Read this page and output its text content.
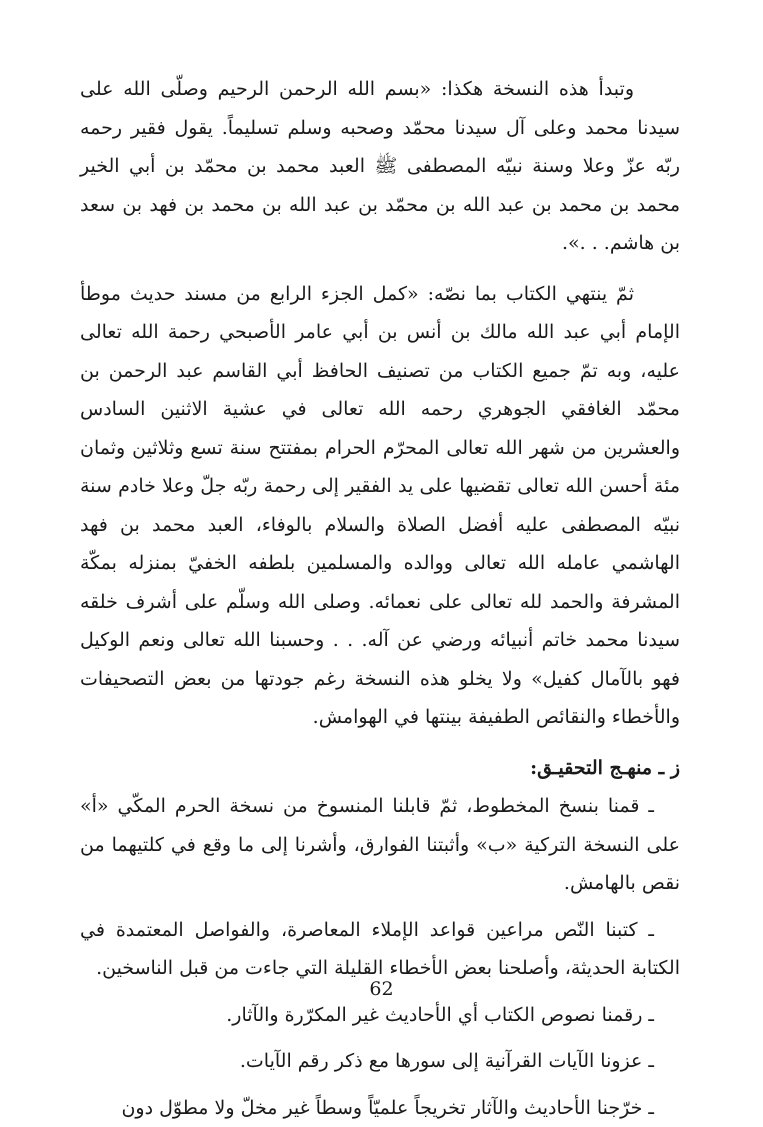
وتبدأ هذه النسخة هكذا: «بسم الله الرحمن الرحيم وصلّى الله على سيدنا محمد وعلى آل سيدنا محمّد وصحبه وسلم تسليماً. يقول فقير رحمه ربّه عزّ وعلا وسنة نبيّه المصطفى ﷺ العبد محمد بن محمّد بن أبي الخير محمد بن محمد بن عبد الله بن محمّد بن عبد الله بن محمد بن فهد بن سعد بن هاشم. . .».

ثمّ ينتهي الكتاب بما نصّه: «كمل الجزء الرابع من مسند حديث موطأ الإمام أبي عبد الله مالك بن أنس بن أبي عامر الأصبحي رحمة الله تعالى عليه، وبه تمّ جميع الكتاب من تصنيف الحافظ أبي القاسم عبد الرحمن بن محمّد الغافقي الجوهري رحمه الله تعالى في عشية الاثنين السادس والعشرين من شهر الله تعالى المحرّم الحرام بمفتتح سنة تسع وثلاثين وثمان مئة أحسن الله تعالى تقضيها على يد الفقير إلى رحمة ربّه جلّ وعلا خادم سنة نبيّه المصطفى عليه أفضل الصلاة والسلام بالوفاء، العبد محمد بن فهد الهاشمي عامله الله تعالى ووالده والمسلمين بلطفه الخفيّ بمنزله بمكّة المشرفة والحمد لله تعالى على نعمائه. وصلى الله وسلّم على أشرف خلقه سيدنا محمد خاتم أنبيائه ورضي عن آله. . . وحسبنا الله تعالى ونعم الوكيل فهو بالآمال كفيل» ولا يخلو هذه النسخة رغم جودتها من بعض التصحيفات والأخطاء والنقائص الطفيفة بينتها في الهوامش.

ز ـ منهـج التحقيـق:

ـ قمنا بنسخ المخطوط، ثمّ قابلنا المنسوخ من نسخة الحرم المكّي «أ» على النسخة التركية «ب» وأثبتنا الفوارق، وأشرنا إلى ما وقع في كلتيهما من نقص بالهامش.

ـ كتبنا النّص مراعين قواعد الإملاء المعاصرة، والفواصل المعتمدة في الكتابة الحديثة، وأصلحنا بعض الأخطاء القليلة التي جاءت من قبل الناسخين.

ـ رقمنا نصوص الكتاب أي الأحاديث غير المكرّرة والآثار.

ـ عزونا الآيات القرآنية إلى سورها مع ذكر رقم الآيات.

ـ خرّجنا الأحاديث والآثار تخريجاً علميّاً وسطاً غير مخلّ ولا مطوّل دون

62
